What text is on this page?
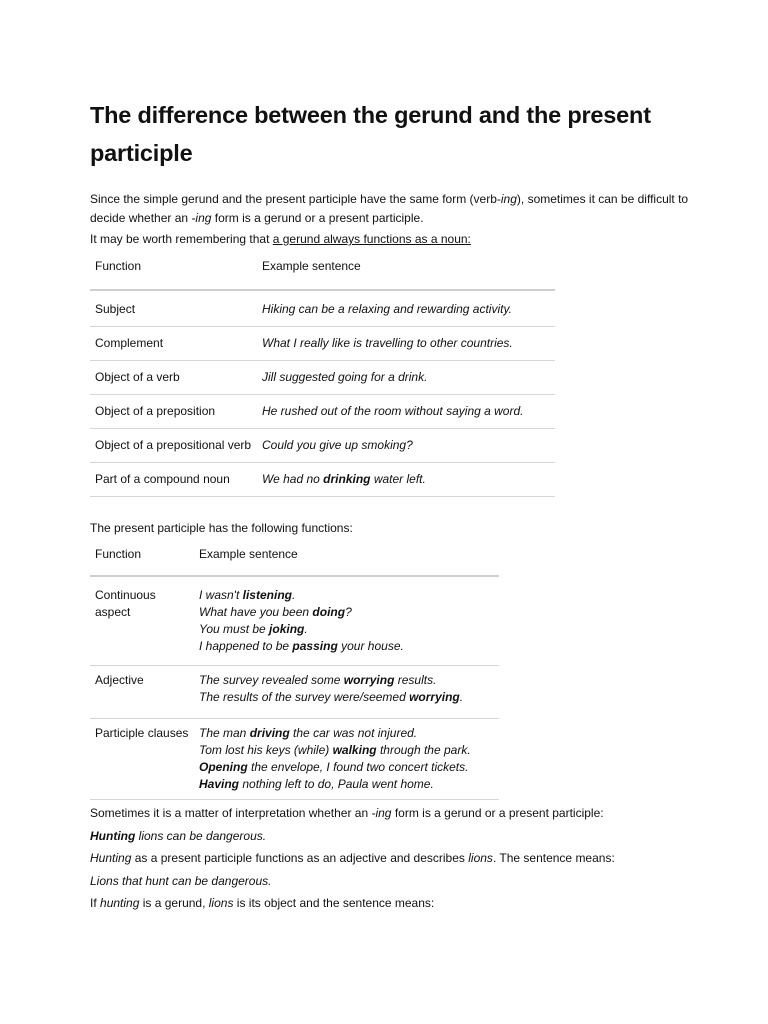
The difference between the gerund and the present participle

Since the simple gerund and the present participle have the same form (verb-ing), sometimes it can be difficult to decide whether an -ing form is a gerund or a present participle.

It may be worth remembering that a gerund always functions as a noun:

Function	Example sentence
Subject	Hiking can be a relaxing and rewarding activity.
Complement	What I really like is travelling to other countries.
Object of a verb	Jill suggested going for a drink.
Object of a preposition	He rushed out of the room without saying a word.
Object of a prepositional verb	Could you give up smoking?
Part of a compound noun	We had no drinking water left.

The present participle has the following functions:

Function	Example sentence
Continuous aspect	I wasn't listening.
What have you been doing?
You must be joking.
I happened to be passing your house.

Adjective	The survey revealed some worrying results.
The results of the survey were/seemed worrying.

Participle clauses	The man driving the car was not injured.
Tom lost his keys (while) walking through the park.
Opening the envelope, I found two concert tickets.
Having nothing left to do, Paula went home.

Sometimes it is a matter of interpretation whether an -ing form is a gerund or a present participle:

Hunting lions can be dangerous.

Hunting as a present participle functions as an adjective and describes lions. The sentence means:

Lions that hunt can be dangerous.

If hunting is a gerund, lions is its object and the sentence means:
